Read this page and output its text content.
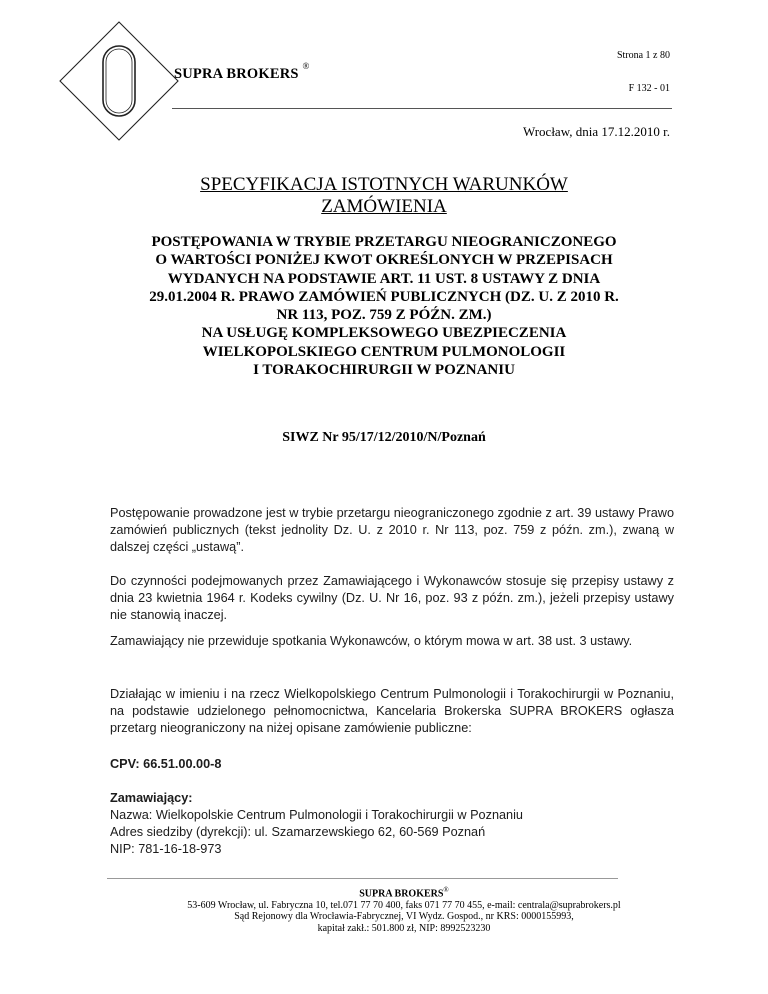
SUPRA BROKERS ®
Strona 1 z 80
F 132 - 01
Wrocław, dnia 17.12.2010 r.
SPECYFIKACJA ISTOTNYCH WARUNKÓW
ZAMÓWIENIA
POSTĘPOWANIA W TRYBIE PRZETARGU NIEOGRANICZONEGO
O WARTOŚCI PONIŻEJ KWOT OKREŚLONYCH W PRZEPISACH
WYDANYCH NA PODSTAWIE ART. 11 UST. 8 USTAWY Z DNIA
29.01.2004 R. PRAWO ZAMÓWIEŃ PUBLICZNYCH (DZ. U. Z 2010 R.
NR 113, POZ. 759 Z PÓŹN. ZM.)
NA USŁUGĘ KOMPLEKSOWEGO UBEZPIECZENIA
WIELKOPOLSKIEGO CENTRUM PULMONOLOGII
I TORAKOCHIRURGII W POZNANIU
SIWZ Nr 95/17/12/2010/N/Poznań
Postępowanie prowadzone jest w trybie przetargu nieograniczonego zgodnie z art. 39 ustawy Prawo zamówień publicznych (tekst jednolity Dz. U. z 2010 r. Nr 113, poz. 759 z późn. zm.), zwaną w dalszej części „ustawą”.
Do czynności podejmowanych przez Zamawiającego i Wykonawców stosuje się przepisy ustawy z dnia 23 kwietnia 1964 r. Kodeks cywilny (Dz. U. Nr 16, poz. 93 z późn. zm.), jeżeli przepisy ustawy nie stanowią inaczej.
Zamawiający nie przewiduje spotkania Wykonawców, o którym mowa w art. 38 ust. 3 ustawy.
Działając w imieniu i na rzecz Wielkopolskiego Centrum Pulmonologii i Torakochirurgii w Poznaniu, na podstawie udzielonego pełnomocnictwa, Kancelaria Brokerska SUPRA BROKERS ogłasza przetarg nieograniczony na niżej opisane zamówienie publiczne:
CPV: 66.51.00.00-8
Zamawiający:
Nazwa: Wielkopolskie Centrum Pulmonologii i Torakochirurgii w Poznaniu
Adres siedziby (dyrekcji): ul. Szamarzewskiego 62, 60-569 Poznań
NIP: 781-16-18-973
SUPRA BROKERS®
53-609 Wrocław, ul. Fabryczna 10, tel.071 77 70 400, faks 071 77 70 455, e-mail: centrala@suprabrokers.pl
Sąd Rejonowy dla Wrocławia-Fabrycznej, VI Wydz. Gospod., nr KRS: 0000155993,
kapitał zakł.: 501.800 zł, NIP: 8992523230
